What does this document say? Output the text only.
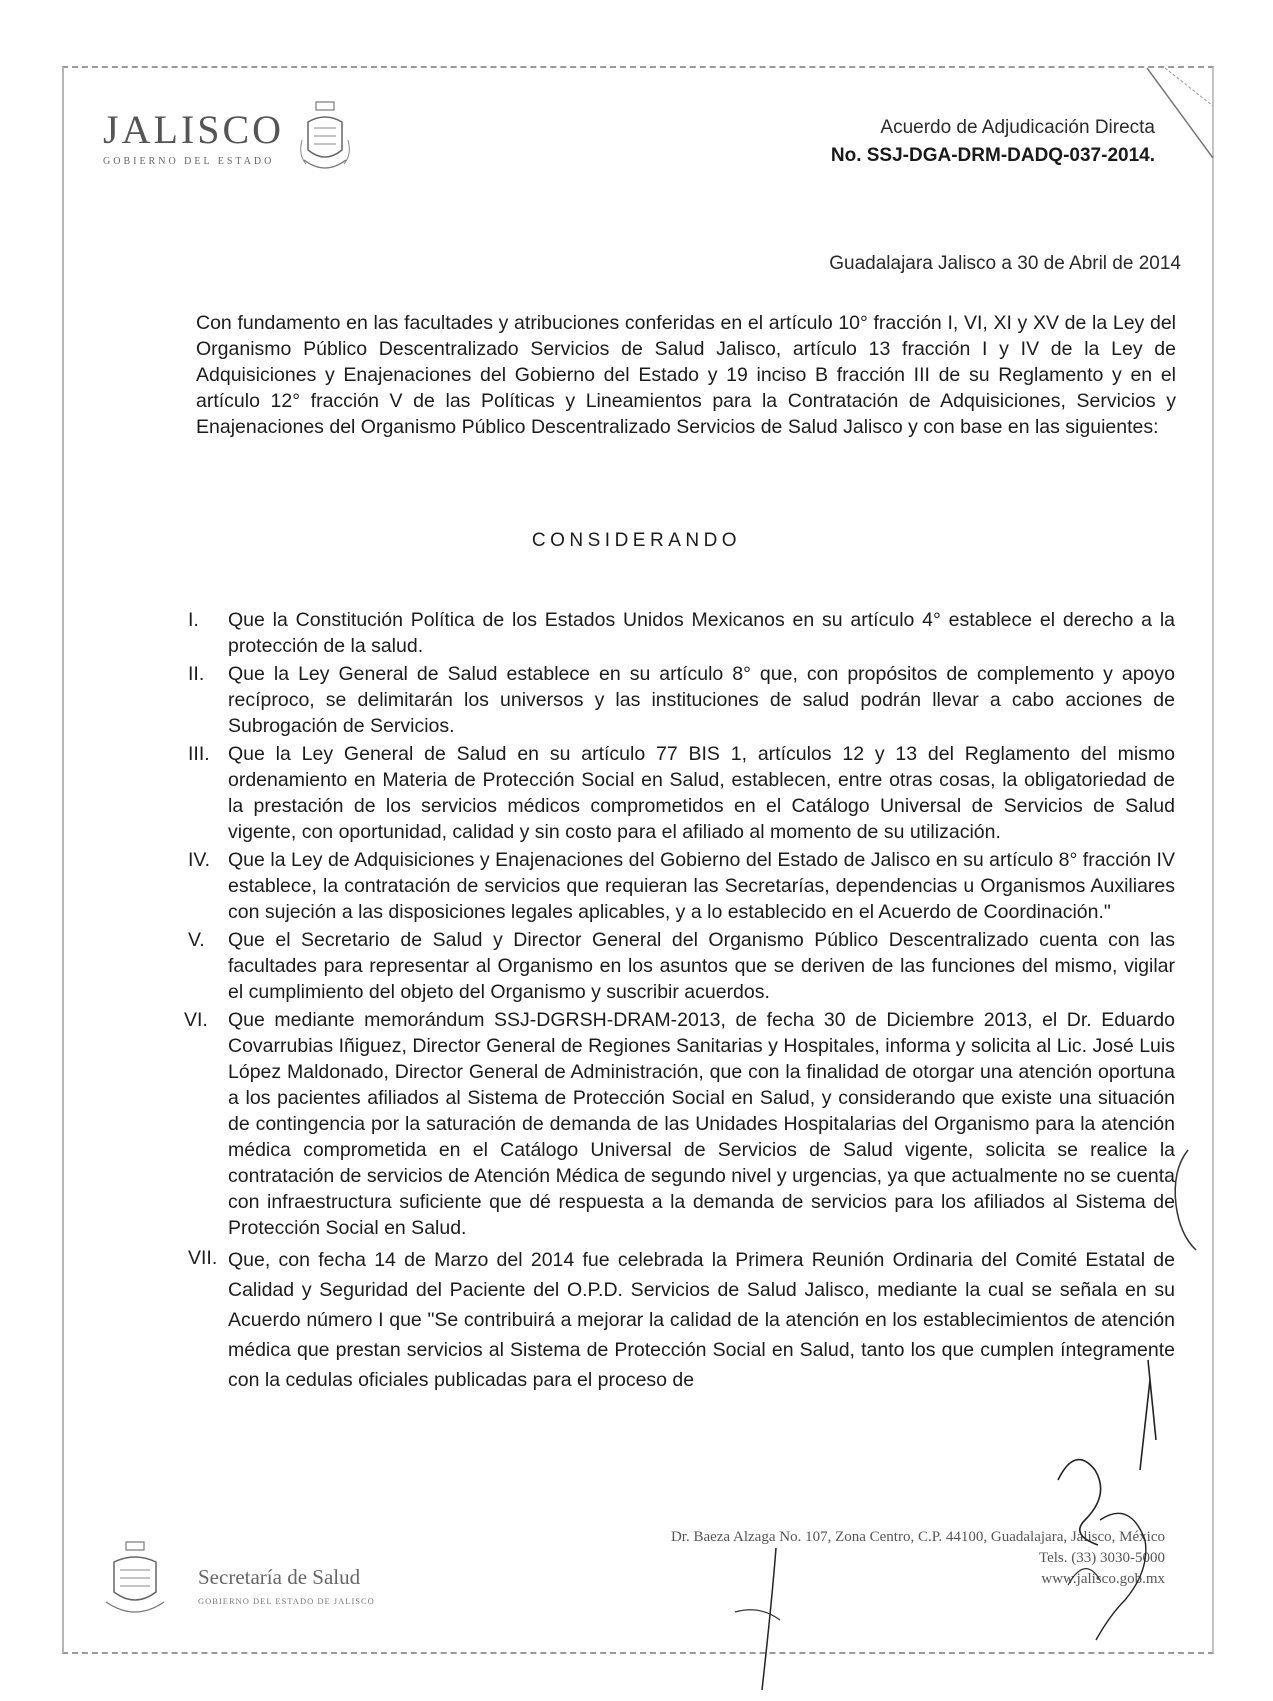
JALISCO
GOBIERNO DEL ESTADO
Acuerdo de Adjudicación Directa
No. SSJ-DGA-DRM-DADQ-037-2014.
Guadalajara Jalisco a 30 de Abril de 2014
Con fundamento en las facultades y atribuciones conferidas en el artículo 10° fracción I, VI, XI y XV de la Ley del Organismo Público Descentralizado Servicios de Salud Jalisco, artículo 13 fracción I y IV de la Ley de Adquisiciones y Enajenaciones del Gobierno del Estado y 19 inciso B fracción III de su Reglamento y en el artículo 12° fracción V de las Políticas y Lineamientos para la Contratación de Adquisiciones, Servicios y Enajenaciones del Organismo Público Descentralizado Servicios de Salud Jalisco y con base en las siguientes:
CONSIDERANDO
I.	Que la Constitución Política de los Estados Unidos Mexicanos en su artículo 4° establece el derecho a la protección de la salud.
II.	Que la Ley General de Salud establece en su artículo 8° que, con propósitos de complemento y apoyo recíproco, se delimitarán los universos y las instituciones de salud podrán llevar a cabo acciones de Subrogación de Servicios.
III. Que la Ley General de Salud en su artículo 77 BIS 1, artículos 12 y 13 del Reglamento del mismo ordenamiento en Materia de Protección Social en Salud, establecen, entre otras cosas, la obligatoriedad de la prestación de los servicios médicos comprometidos en el Catálogo Universal de Servicios de Salud vigente, con oportunidad, calidad y sin costo para el afiliado al momento de su utilización.
IV. Que la Ley de Adquisiciones y Enajenaciones del Gobierno del Estado de Jalisco en su artículo 8° fracción IV establece, la contratación de servicios que requieran las Secretarías, dependencias u Organismos Auxiliares con sujeción a las disposiciones legales aplicables, y a lo establecido en el Acuerdo de Coordinación."
V.	Que el Secretario de Salud y Director General del Organismo Público Descentralizado cuenta con las facultades para representar al Organismo en los asuntos que se deriven de las funciones del mismo, vigilar el cumplimiento del objeto del Organismo y suscribir acuerdos.
VI.	Que mediante memorándum SSJ-DGRSH-DRAM-2013, de fecha 30 de Diciembre 2013, el Dr. Eduardo Covarrubias Iñiguez, Director General de Regiones Sanitarias y Hospitales, informa y solicita al Lic. José Luis López Maldonado, Director General de Administración, que con la finalidad de otorgar una atención oportuna a los pacientes afiliados al Sistema de Protección Social en Salud, y considerando que existe una situación de contingencia por la saturación de demanda de las Unidades Hospitalarias del Organismo para la atención médica comprometida en el Catálogo Universal de Servicios de Salud vigente, solicita se realice la contratación de servicios de Atención Médica de segundo nivel y urgencias, ya que actualmente no se cuenta con infraestructura suficiente que dé respuesta a la demanda de servicios para los afiliados al Sistema de Protección Social en Salud.
VII. Que, con fecha 14 de Marzo del 2014 fue celebrada la Primera Reunión Ordinaria del Comité Estatal de Calidad y Seguridad del Paciente del O.P.D. Servicios de Salud Jalisco, mediante la cual se señala en su Acuerdo número I que "Se contribuirá a mejorar la calidad de la atención en los establecimientos de atención médica que prestan servicios al Sistema de Protección Social en Salud, tanto los que cumplen íntegramente con la cedulas oficiales publicadas para el proceso de
Dr. Baeza Alzaga No. 107, Zona Centro, C.P. 44100, Guadalajara, Jalisco, México
Tels. (33) 3030-5000
www.jalisco.gob.mx
Secretaría de Salud
GOBIERNO DEL ESTADO DE JALISCO
